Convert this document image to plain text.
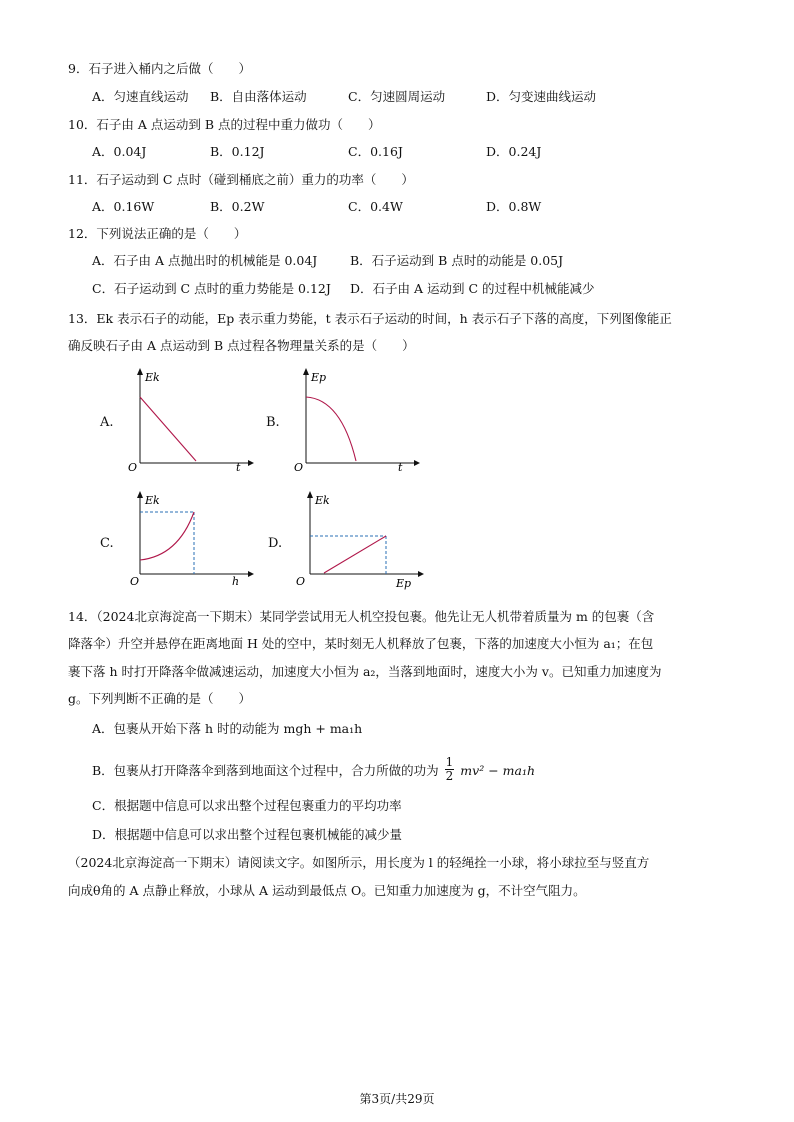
9．石子进入桶内之后做（　　）
A．匀速直线运动 B．自由落体运动	C．匀速圆周运动	D．匀变速曲线运动
10．石子由 A 点运动到 B 点的过程中重力做功（　　）
A．0.04J	B．0.12J	C．0.16J	D．0.24J
11．石子运动到 C 点时（碰到桶底之前）重力的功率（　　）
A．0.16W	B．0.2W	C．0.4W	D．0.8W
12．下列说法正确的是（　　）
A．石子由 A 点抛出时的机械能是 0.04J	B．石子运动到 B 点时的动能是 0.05J
C．石子运动到 C 点时的重力势能是 0.12J D．石子由 A 运动到 C 的过程中机械能减少
13．Ek 表示石子的动能，Ep 表示重力势能，t 表示石子运动的时间，h 表示石子下落的高度，下列图像能正
确反映石子由 A 点运动到 B 点过程各物理量关系的是（　　）
A.
Ek
O	t
B.
Ep
O	t
C.
Ek
O	h
D.
Ek
O	Ep
14．（2024北京海淀高一下期末）某同学尝试用无人机空投包裹。他先让无人机带着质量为 m 的包裹（含
降落伞）升空并悬停在距离地面 H 处的空中，某时刻无人机释放了包裹，下落的加速度大小恒为 a₁；在包
裹下落 h 时打开降落伞做减速运动，加速度大小恒为 a₂，当落到地面时，速度大小为 v。已知重力加速度为
g。下列判断不正确的是（　　）
A．包裹从开始下落 h 时的动能为 mgh + ma₁h
B．包裹从打开降落伞到落到地面这个过程中，合力所做的功为 $\frac{1}{2} mv^2 - ma_1h$
C．根据题中信息可以求出整个过程包裹重力的平均功率
D．根据题中信息可以求出整个过程包裹机械能的减少量
（2024北京海淀高一下期末）请阅读文字。如图所示，用长度为 l 的轻绳拴一小球，将小球拉至与竖直方
向成θ角的 A 点静止释放，小球从 A 运动到最低点 O。已知重力加速度为 g，不计空气阻力。
第3页/共29页
